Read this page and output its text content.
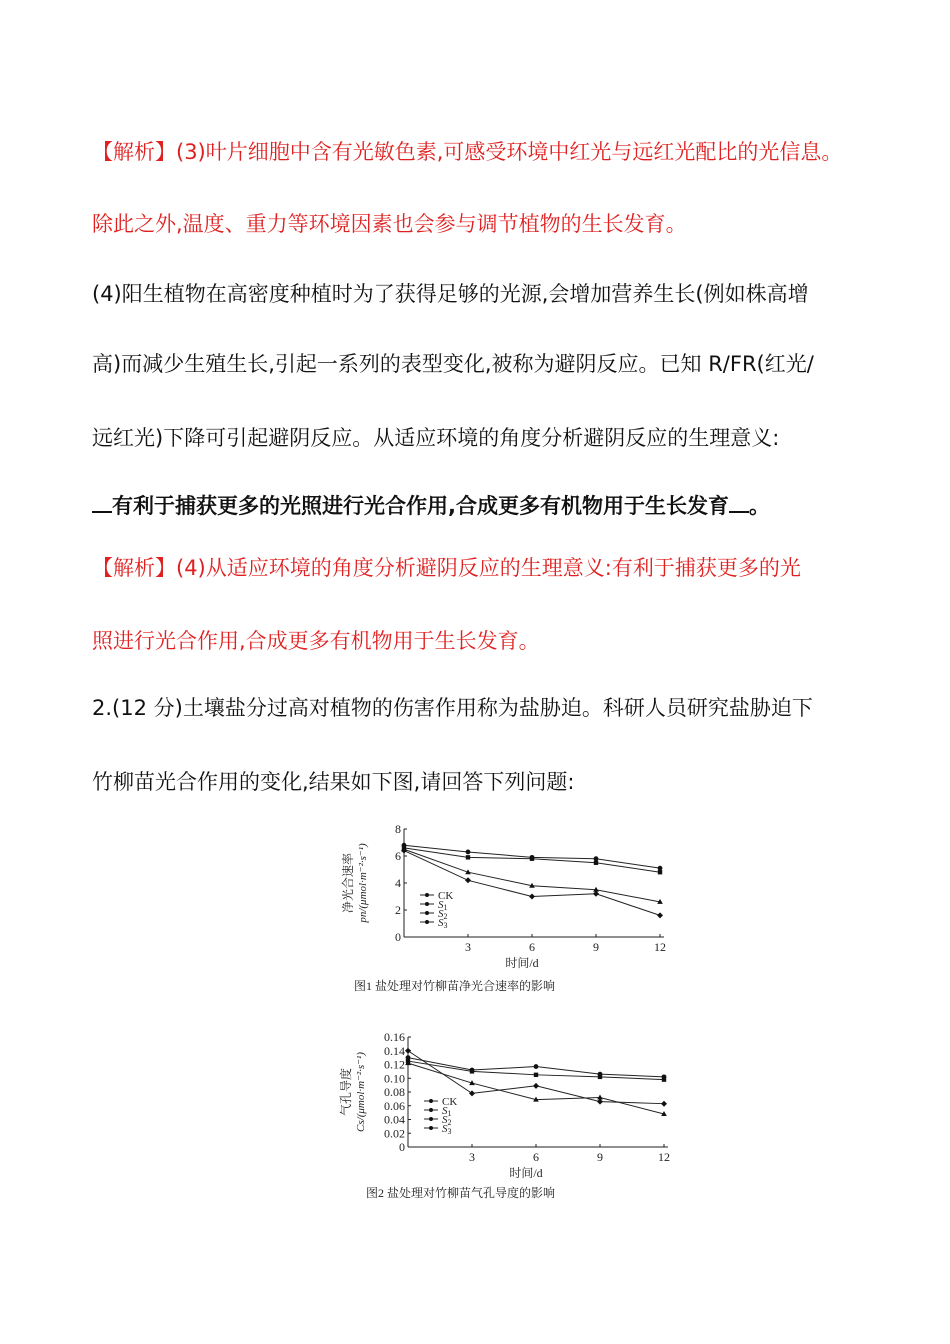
【解析】(3)叶片细胞中含有光敏色素,可感受环境中红光与远红光配比的光信息。
除此之外,温度、重力等环境因素也会参与调节植物的生长发育。
(4)阳生植物在高密度种植时为了获得足够的光源,会增加营养生长(例如株高增
高)而减少生殖生长,引起一系列的表型变化,被称为避阴反应。已知 R/FR(红光/
远红光)下降可引起避阴反应。从适应环境的角度分析避阴反应的生理意义:
有利于捕获更多的光照进行光合作用,合成更多有机物用于生长发育 。
【解析】(4)从适应环境的角度分析避阴反应的生理意义:有利于捕获更多的光
照进行光合作用,合成更多有机物用于生长发育。
2.(12 分)土壤盐分过高对植物的伤害作用称为盐胁迫。科研人员研究盐胁迫下
竹柳苗光合作用的变化,结果如下图,请回答下列问题:
0
2
4
6
8
3	6	9	12
时间/d
净光合速率 pn/(μmol·m⁻²·s⁻¹)	CK
S1
S2
S3
图1 盐处理对竹柳苗净光合速率的影响
0
0.02
0.04
0.06
0.08
0.10
0.12
0.14
0.16
3	6	9	12
时间/d
气孔导度 Cs/(μmol·m⁻²·s⁻¹)	CK
S1
S2
S3
图2 盐处理对竹柳苗气孔导度的影响
